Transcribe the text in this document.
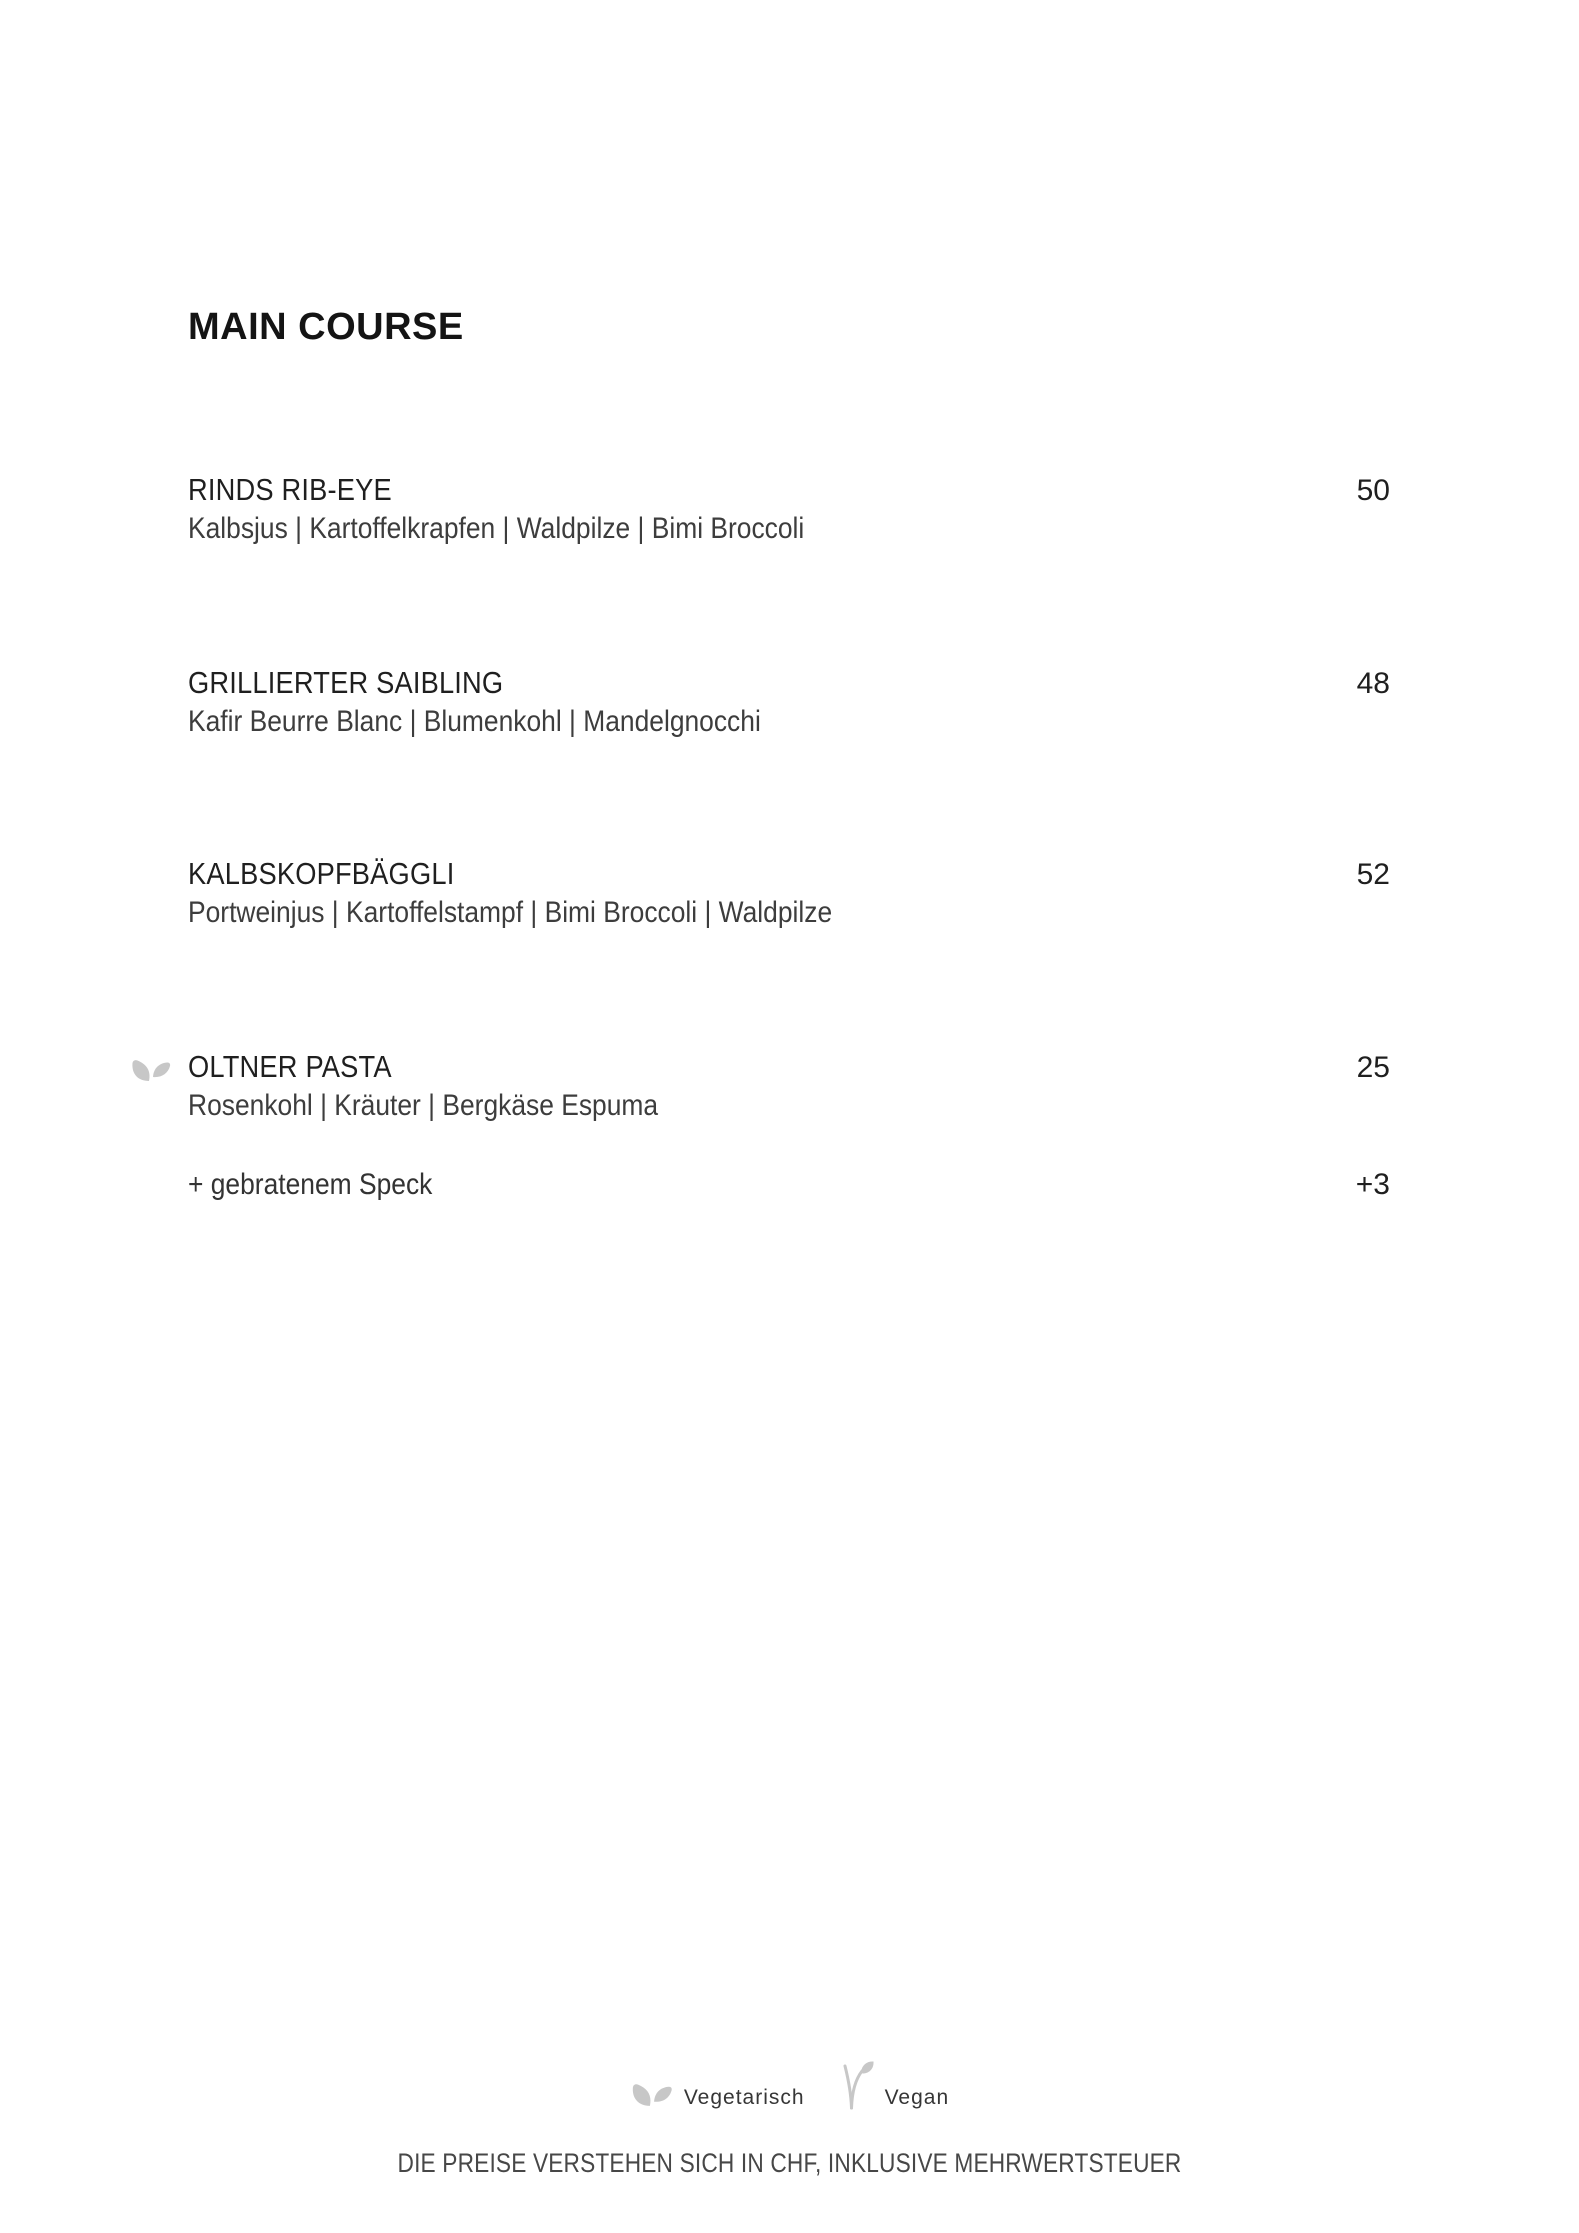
MAIN COURSE
RINDS RIB-EYE	50
Kalbsjus | Kartoffelkrapfen | Waldpilze | Bimi Broccoli
GRILLIERTER SAIBLING	48
Kafir Beurre Blanc | Blumenkohl | Mandelgnocchi
KALBSKOPFBÄGGLI	52
Portweinjus | Kartoffelstampf | Bimi Broccoli | Waldpilze
OLTNER PASTA	25
Rosenkohl | Kräuter | Bergkäse Espuma
+ gebratenem Speck	+3
Vegetarisch	Vegan
DIE PREISE VERSTEHEN SICH IN CHF, INKLUSIVE MEHRWERTSTEUER
